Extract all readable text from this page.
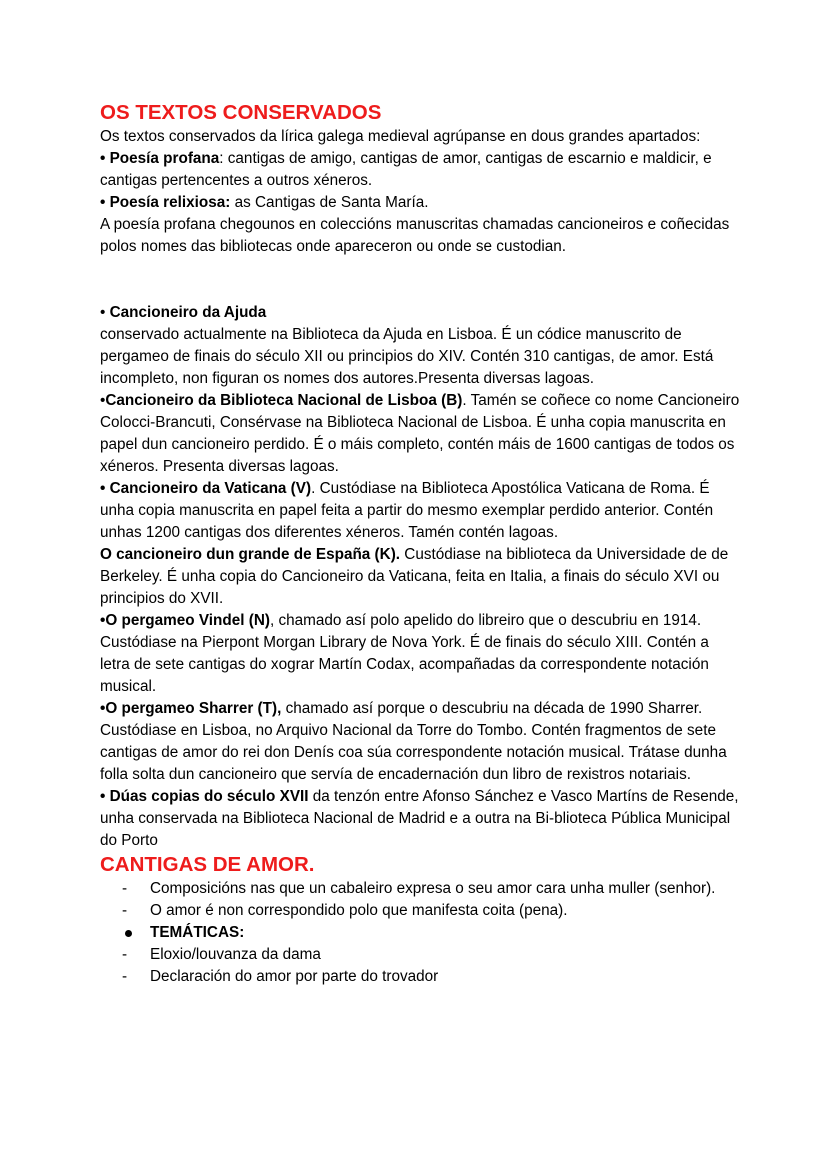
OS TEXTOS CONSERVADOS

Os textos conservados da lírica galega medieval agrúpanse en dous grandes apartados:

• Poesía profana: cantigas de amigo, cantigas de amor, cantigas de escarnio e maldicir, e cantigas pertencentes a outros xéneros.

• Poesía relixiosa: as Cantigas de Santa María.

A poesía profana chegounos en coleccións manuscritas chamadas cancioneiros e coñecidas polos nomes das bibliotecas onde apareceron ou onde se custodian.

• Cancioneiro da Ajuda
conservado actualmente na Biblioteca da Ajuda en Lisboa. É un códice manuscrito de pergameo de finais do século XII ou principios do XIV. Contén 310 cantigas, de amor. Está incompleto, non figuran os nomes dos autores.Presenta diversas lagoas.

•Cancioneiro da Biblioteca Nacional de Lisboa (B). Tamén se coñece co nome Cancioneiro Colocci-Brancuti, Consérvase na Biblioteca Nacional de Lisboa. É unha copia manuscrita en papel dun cancioneiro perdido. É o máis completo, contén máis de 1600 cantigas de todos os xéneros. Presenta diversas lagoas.

• Cancioneiro da Vaticana (V). Custódiase na Biblioteca Apostólica Vaticana de Roma. É unha copia manuscrita en papel feita a partir do mesmo exemplar perdido anterior. Contén unhas 1200 cantigas dos diferentes xéneros. Tamén contén lagoas.

O cancioneiro dun grande de España (K). Custódiase na biblioteca da Universidade de de Berkeley. É unha copia do Cancioneiro da Vaticana, feita en Italia, a finais do século XVI ou principios do XVII.

•O pergameo Vindel (N), chamado así polo apelido do libreiro que o descubriu en 1914. Custódiase na Pierpont Morgan Library de Nova York. É de finais do século XIII. Contén a letra de sete cantigas do xograr Martín Codax, acompañadas da correspondente notación musical.

•O pergameo Sharrer (T), chamado así porque o descubriu na década de 1990 Sharrer. Custódiase en Lisboa, no Arquivo Nacional da Torre do Tombo. Contén fragmentos de sete cantigas de amor do rei don Denís coa súa correspondente notación musical. Trátase dunha folla solta dun cancioneiro que servía de encadernación dun libro de rexistros notariais.

• Dúas copias do século XVII da tenzón entre Afonso Sánchez e Vasco Martíns de Resende, unha conservada na Biblioteca Nacional de Madrid e a outra na Bi-blioteca Pública Municipal do Porto

CANTIGAS DE AMOR.
- Composicións nas que un cabaleiro expresa o seu amor cara unha muller (senhor).
- O amor é non correspondido polo que manifesta coita (pena).
TEMÁTICAS:
- Eloxio/louvanza da dama
- Declaración do amor por parte do trovador
